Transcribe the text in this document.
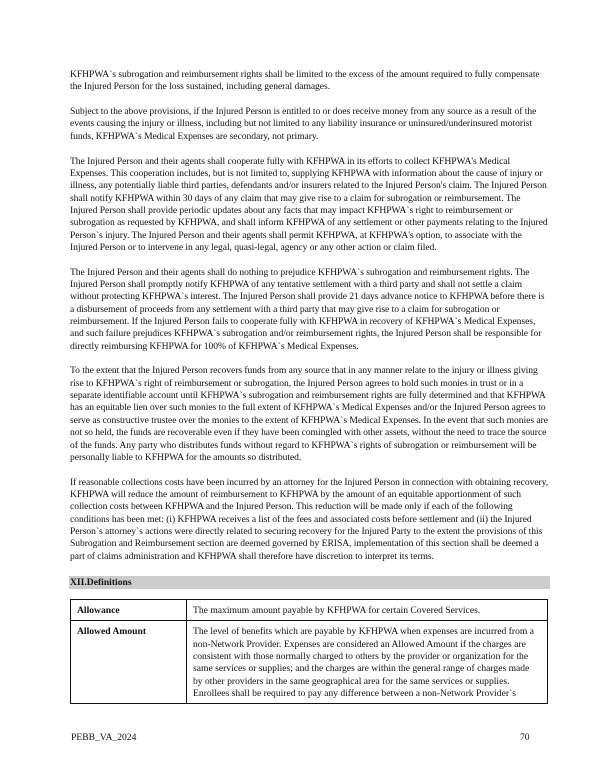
KFHPWA`s subrogation and reimbursement rights shall be limited to the excess of the amount required to fully compensate the Injured Person for the loss sustained, including general damages.

Subject to the above provisions, if the Injured Person is entitled to or does receive money from any source as a result of the events causing the injury or illness, including but not limited to any liability insurance or uninsured/underinsured motorist funds, KFHPWA`s Medical Expenses are secondary, not primary.

The Injured Person and their agents shall cooperate fully with KFHPWA in its efforts to collect KFHPWA's Medical Expenses. This cooperation includes, but is not limited to, supplying KFHPWA with information about the cause of injury or illness, any potentially liable third parties, defendants and/or insurers related to the Injured Person's claim. The Injured Person shall notify KFHPWA within 30 days of any claim that may give rise to a claim for subrogation or reimbursement. The Injured Person shall provide periodic updates about any facts that may impact KFHPWA`s right to reimbursement or subrogation as requested by KFHPWA, and shall inform KFHPWA of any settlement or other payments relating to the Injured Person`s injury. The Injured Person and their agents shall permit KFHPWA, at KFHPWA's option, to associate with the Injured Person or to intervene in any legal, quasi-legal, agency or any other action or claim filed.

The Injured Person and their agents shall do nothing to prejudice KFHPWA`s subrogation and reimbursement rights. The Injured Person shall promptly notify KFHPWA of any tentative settlement with a third party and shall not settle a claim without protecting KFHPWA`s interest. The Injured Person shall provide 21 days advance notice to KFHPWA before there is a disbursement of proceeds from any settlement with a third party that may give rise to a claim for subrogation or reimbursement. If the Injured Person fails to cooperate fully with KFHPWA in recovery of KFHPWA`s Medical Expenses, and such failure prejudices KFHPWA`s subrogation and/or reimbursement rights, the Injured Person shall be responsible for directly reimbursing KFHPWA for 100% of KFHPWA`s Medical Expenses.

To the extent that the Injured Person recovers funds from any source that in any manner relate to the injury or illness giving rise to KFHPWA`s right of reimbursement or subrogation, the Injured Person agrees to hold such monies in trust or in a separate identifiable account until KFHPWA`s subrogation and reimbursement rights are fully determined and that KFHPWA has an equitable lien over such monies to the full extent of KFHPWA`s Medical Expenses and/or the Injured Person agrees to serve as constructive trustee over the monies to the extent of KFHPWA`s Medical Expenses. In the event that such monies are not so held, the funds are recoverable even if they have been comingled with other assets, without the need to trace the source of the funds. Any party who distributes funds without regard to KFHPWA`s rights of subrogation or reimbursement will be personally liable to KFHPWA for the amounts so distributed.

If reasonable collections costs have been incurred by an attorney for the Injured Person in connection with obtaining recovery, KFHPWA will reduce the amount of reimbursement to KFHPWA by the amount of an equitable apportionment of such collection costs between KFHPWA and the Injured Person. This reduction will be made only if each of the following conditions has been met: (i) KFHPWA receives a list of the fees and associated costs before settlement and (ii) the Injured Person`s attorney`s actions were directly related to securing recovery for the Injured Party to the extent the provisions of this Subrogation and Reimbursement section are deemed governed by ERISA, implementation of this section shall be deemed a part of claims administration and KFHPWA shall therefore have discretion to interpret its terms.

XII.Definitions
Allowance	The maximum amount payable by KFHPWA for certain Covered Services.
Allowed Amount	The level of benefits which are payable by KFHPWA when expenses are incurred from a non-Network Provider. Expenses are considered an Allowed Amount if the charges are consistent with those normally charged to others by the provider or organization for the same services or supplies; and the charges are within the general range of charges made by other providers in the same geographical area for the same services or supplies. Enrollees shall be required to pay any difference between a non-Network Provider`s
PEBB_VA_2024	70
